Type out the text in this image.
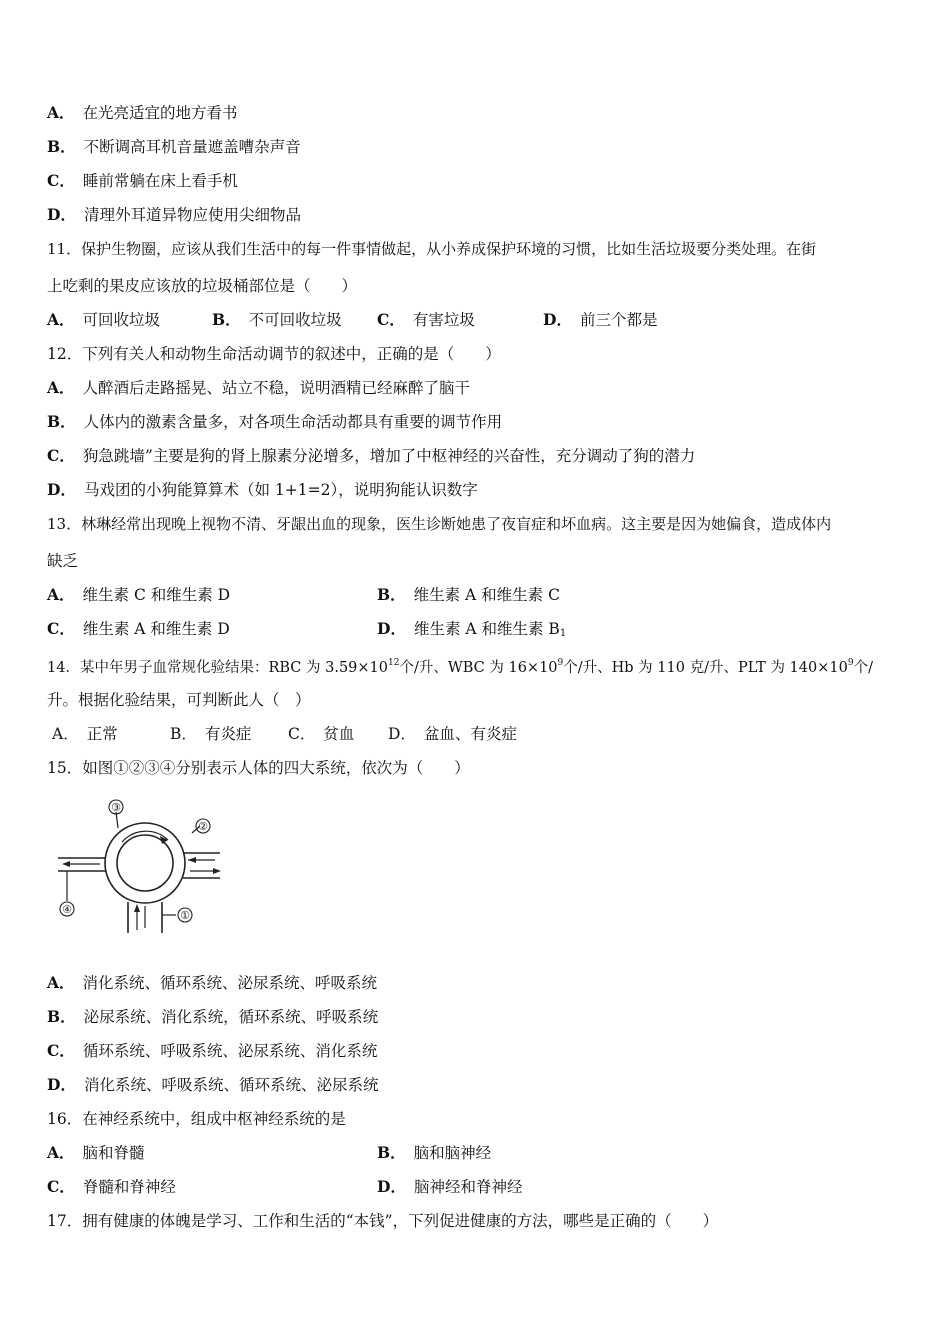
A． 在光亮适宜的地方看书
B． 不断调高耳机音量遮盖嘈杂声音
C． 睡前常躺在床上看手机
D． 清理外耳道异物应使用尖细物品
11．保护生物圈，应该从我们生活中的每一件事情做起，从小养成保护环境的习惯，比如生活垃圾要分类处理。在街
上吃剩的果皮应该放的垃圾桶部位是（　　）
A． 可回收垃圾	B． 不可回收垃圾 C． 有害垃圾	D． 前三个都是
12．下列有关人和动物生命活动调节的叙述中，正确的是（　　）
A． 人醉酒后走路摇晃、站立不稳，说明酒精已经麻醉了脑干
B． 人体内的激素含量多，对各项生命活动都具有重要的调节作用
C． 狗急跳墙”主要是狗的肾上腺素分泌增多，增加了中枢神经的兴奋性，充分调动了狗的潜力
D． 马戏团的小狗能算算术（如 1+1=2），说明狗能认识数字
13．林琳经常出现晚上视物不清、牙龈出血的现象，医生诊断她患了夜盲症和坏血病。这主要是因为她偏食，造成体内
缺乏
A． 维生素 C 和维生素 D	B． 维生素 A 和维生素 C
C． 维生素 A 和维生素 D	D． 维生素 A 和维生素 $B_1$
14．某中年男子血常规化验结果：RBC 为 $3.59\times 10^{12}$个/升、WBC 为 $16\times 10^9$个/升、Hb 为 110 克/升、PLT 为 $140\times 10^9$个/
升。根据化验结果，可判断此人（　）
A． 正常	B． 有炎症 C． 贫血 D． 盆血、有炎症
15．如图①②③④分别表示人体的四大系统，依次为（　　）
③
②
④	①
A． 消化系统、循环系统、泌尿系统、呼吸系统
B． 泌尿系统、消化系统，循环系统、呼吸系统
C． 循环系统、呼吸系统、泌尿系统、消化系统
D． 消化系统、呼吸系统、循环系统、泌尿系统
16．在神经系统中，组成中枢神经系统的是
A． 脑和脊髓	B． 脑和脑神经
C． 脊髓和脊神经	D． 脑神经和脊神经
17．拥有健康的体魄是学习、工作和生活的“本钱”，下列促进健康的方法，哪些是正确的（　　）
